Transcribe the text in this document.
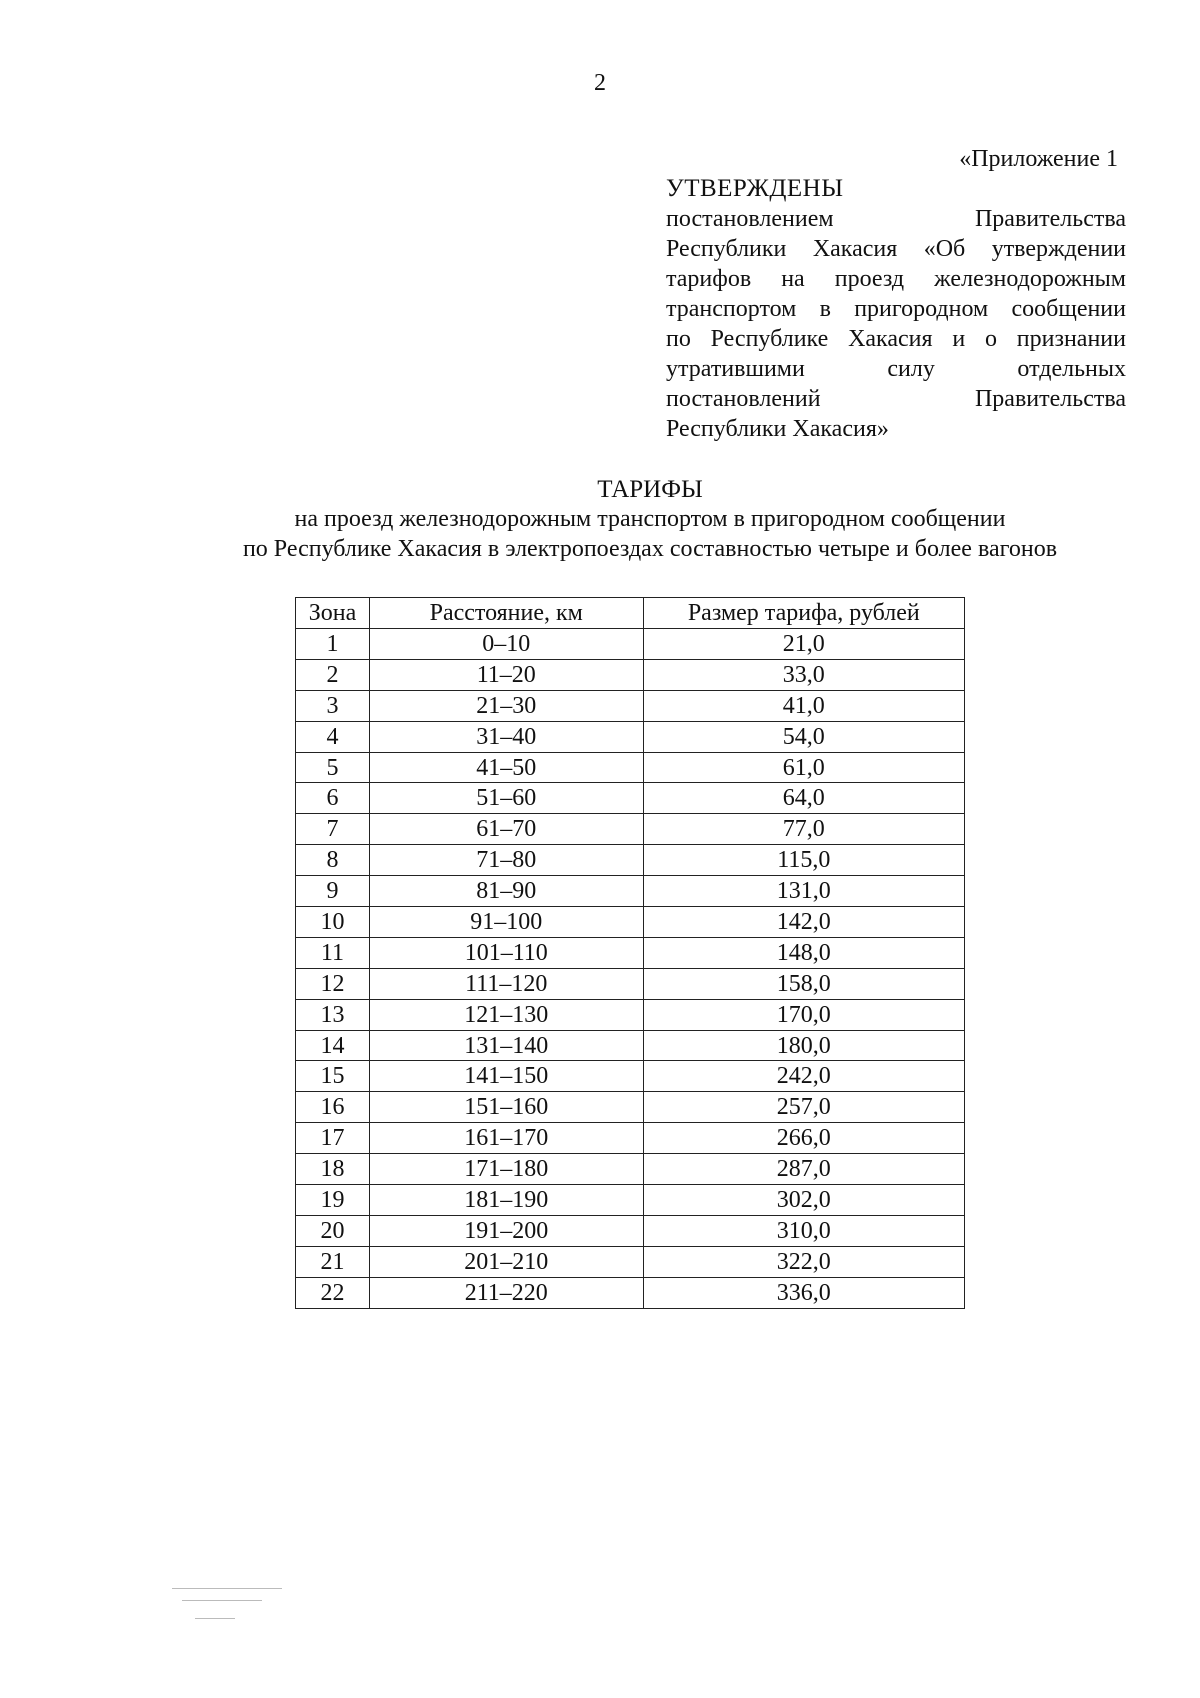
2
«Приложение 1
УТВЕРЖДЕНЫ
постановлением Правительства
Республики Хакасия «Об утверждении
тарифов на проезд железнодорожным
транспортом в пригородном сообщении
по Республике Хакасия и о признании
утратившими силу отдельных
постановлений Правительства
Республики Хакасия»
ТАРИФЫ
на проезд железнодорожным транспортом в пригородном сообщении
по Республике Хакасия в электропоездах составностью четыре и более вагонов
Зона	Расстояние, км	Размер тарифа, рублей
1	0–10	21,0
2	11–20	33,0
3	21–30	41,0
4	31–40	54,0
5	41–50	61,0
6	51–60	64,0
7	61–70	77,0
8	71–80	115,0
9	81–90	131,0
10	91–100	142,0
11	101–110	148,0
12	111–120	158,0
13	121–130	170,0
14	131–140	180,0
15	141–150	242,0
16	151–160	257,0
17	161–170	266,0
18	171–180	287,0
19	181–190	302,0
20	191–200	310,0
21	201–210	322,0
22	211–220	336,0
